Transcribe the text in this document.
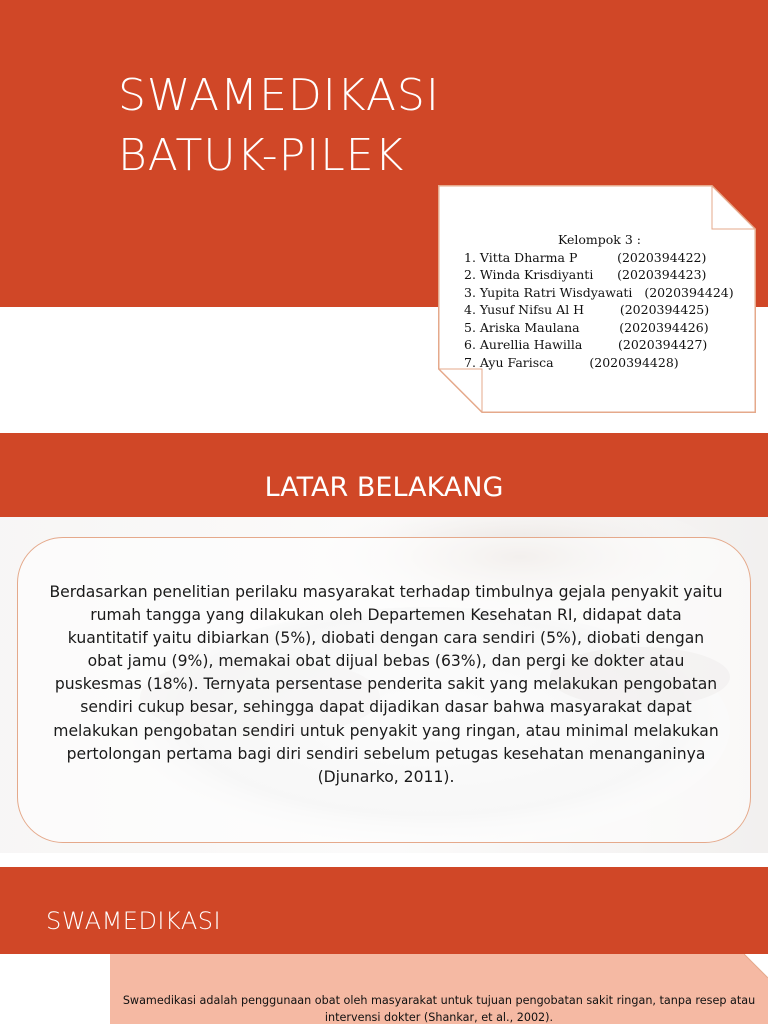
SWAMEDIKASI
BATUK-PILEK
Kelompok 3 :
1. Vitta Dharma P          (2020394422)
2. Winda Krisdiyanti      (2020394423)
3. Yupita Ratri Wisdyawati   (2020394424)
4. Yusuf Nifsu Al H         (2020394425)
5. Ariska Maulana          (2020394426)
6. Aurellia Hawilla         (2020394427)
7. Ayu Farisca         (2020394428)
LATAR BELAKANG
Berdasarkan penelitian perilaku masyarakat terhadap timbulnya gejala penyakit yaitu rumah tangga yang dilakukan oleh Departemen Kesehatan RI, didapat data kuantitatif yaitu dibiarkan (5%), diobati dengan cara sendiri (5%), diobati dengan obat jamu (9%), memakai obat dijual bebas (63%), dan pergi ke dokter atau puskesmas (18%). Ternyata persentase penderita sakit yang melakukan pengobatan sendiri cukup besar, sehingga dapat dijadikan dasar bahwa masyarakat dapat melakukan pengobatan sendiri untuk penyakit yang ringan, atau minimal melakukan pertolongan pertama bagi diri sendiri sebelum petugas kesehatan menanganinya (Djunarko, 2011).
SWAMEDIKASI
Swamedikasi adalah penggunaan obat oleh masyarakat untuk tujuan pengobatan sakit ringan, tanpa resep atau intervensi dokter (Shankar, et al., 2002).
